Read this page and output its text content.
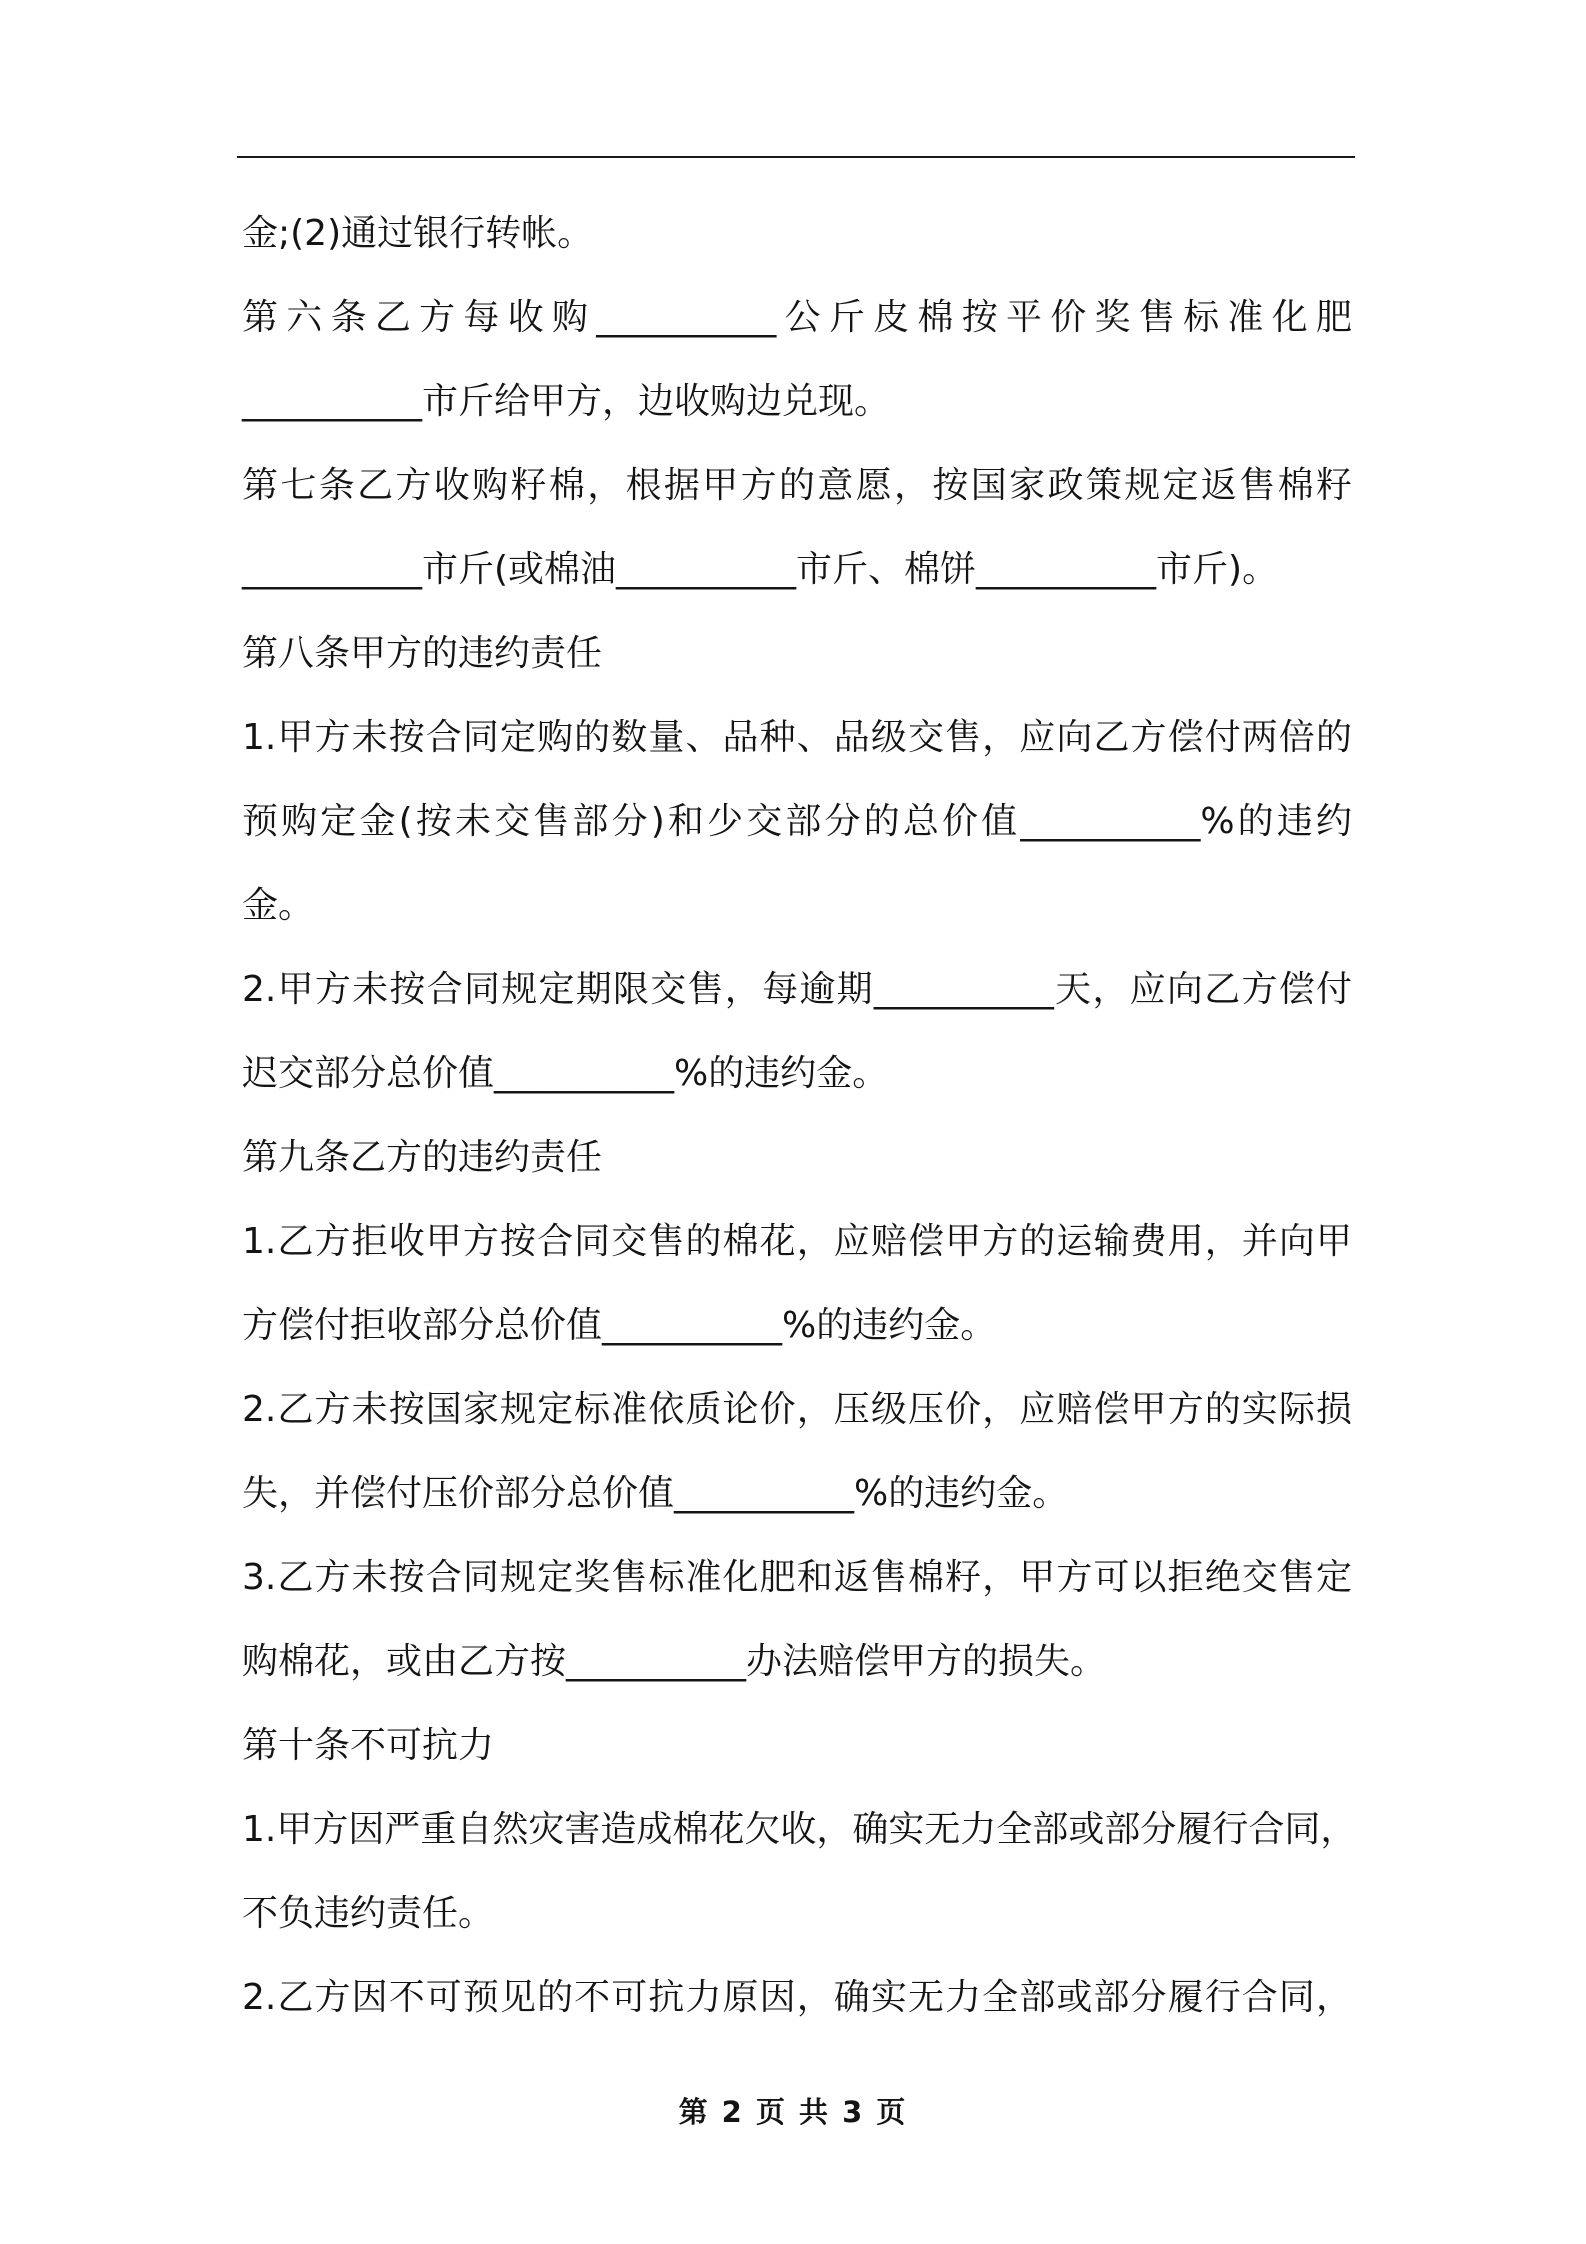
金;(2)通过银行转帐。
第六条乙方每收购__________公斤皮棉按平价奖售标准化肥
__________市斤给甲方，边收购边兑现。
第七条乙方收购籽棉，根据甲方的意愿，按国家政策规定返售棉籽
__________市斤(或棉油__________市斤、棉饼__________市斤)。
第八条甲方的违约责任
1.甲方未按合同定购的数量、品种、品级交售，应向乙方偿付两倍的
预购定金(按未交售部分)和少交部分的总价值__________%的违约
金。
2.甲方未按合同规定期限交售，每逾期__________天，应向乙方偿付
迟交部分总价值__________%的违约金。
第九条乙方的违约责任
1.乙方拒收甲方按合同交售的棉花，应赔偿甲方的运输费用，并向甲
方偿付拒收部分总价值__________%的违约金。
2.乙方未按国家规定标准依质论价，压级压价，应赔偿甲方的实际损
失，并偿付压价部分总价值__________%的违约金。
3.乙方未按合同规定奖售标准化肥和返售棉籽，甲方可以拒绝交售定
购棉花，或由乙方按__________办法赔偿甲方的损失。
第十条不可抗力
1.甲方因严重自然灾害造成棉花欠收，确实无力全部或部分履行合同，
不负违约责任。
2.乙方因不可预见的不可抗力原因，确实无力全部或部分履行合同，
第 2 页 共 3 页
